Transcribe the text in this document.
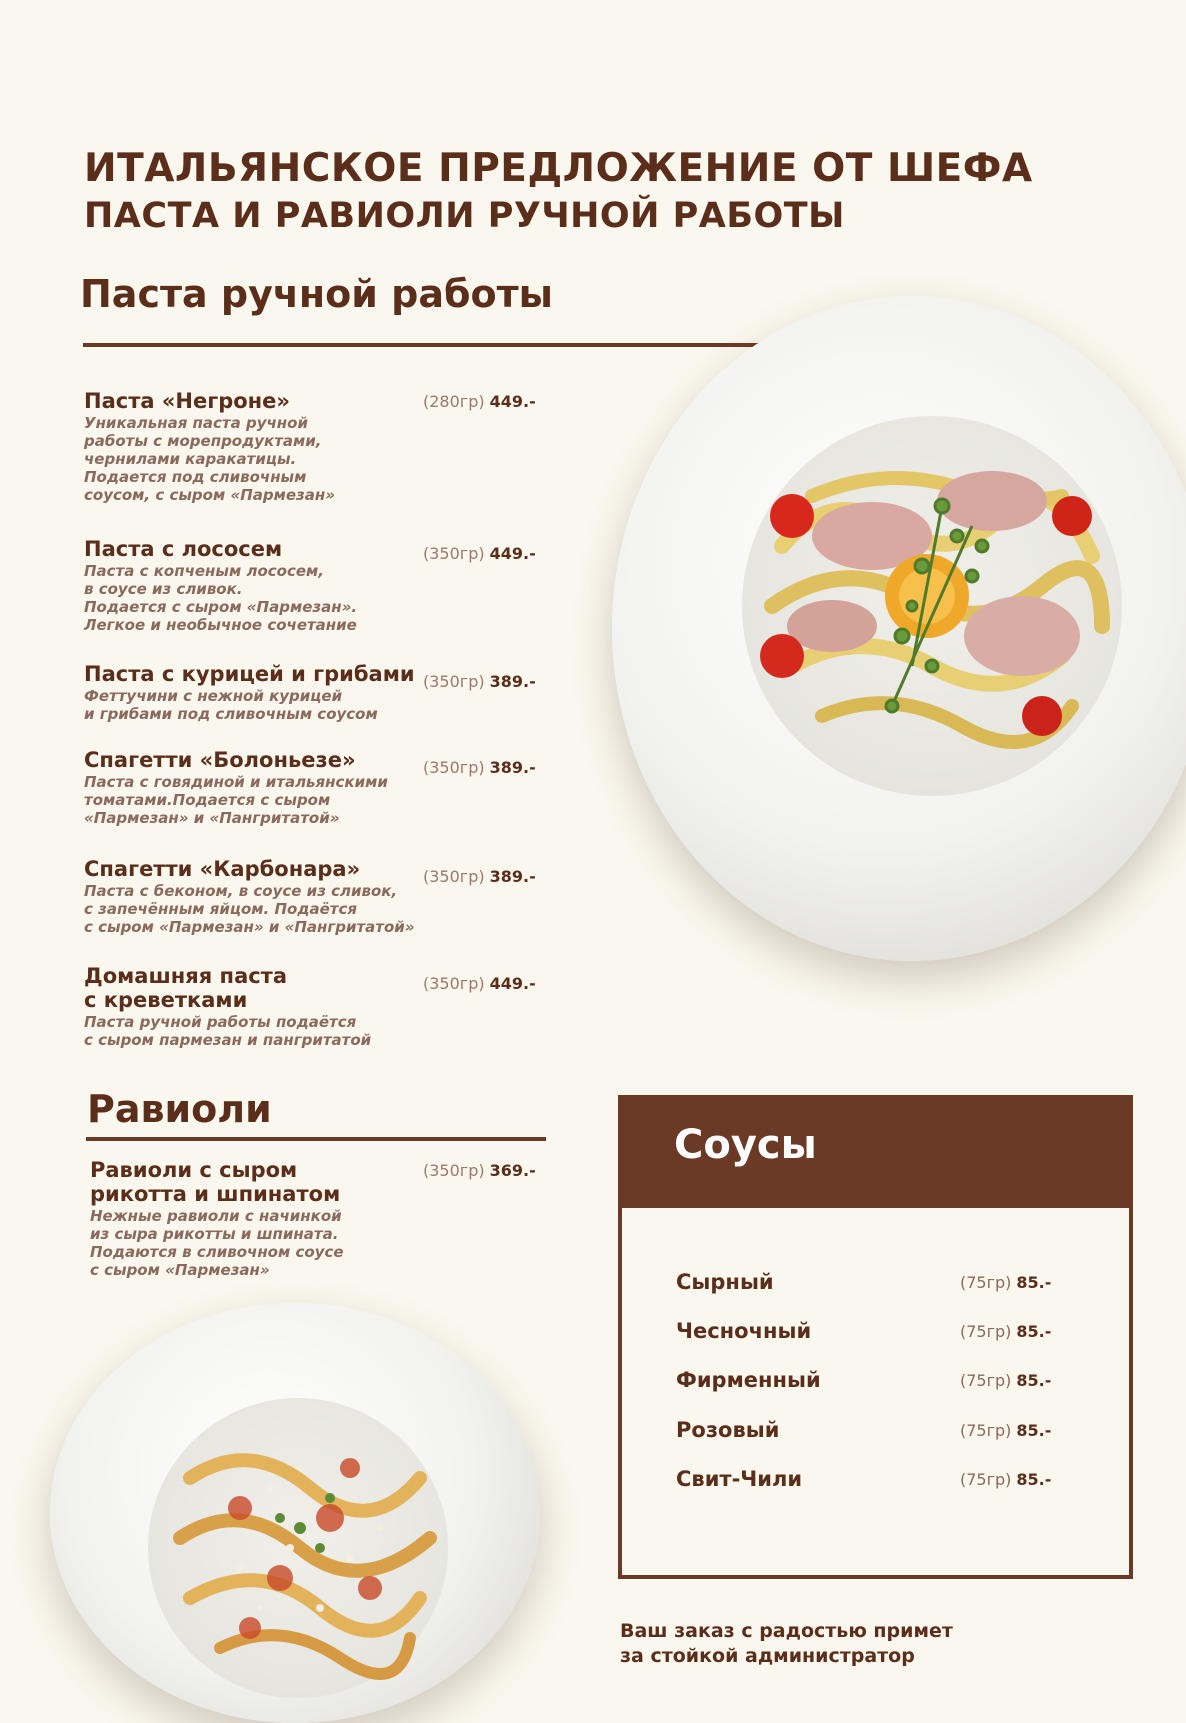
ИТАЛЬЯНСКОЕ ПРЕДЛОЖЕНИЕ ОТ ШЕФА
ПАСТА И РАВИОЛИ РУЧНОЙ РАБОТЫ
Паста ручной работы
Паста «Негроне»
Уникальная паста ручной
работы с морепродуктами,
чернилами каракатицы.
Подается под сливочным
соусом, с сыром «Пармезан»
(280гр) 449.-
Паста с лососем
Паста с копченым лососем,
в соусе из сливок.
Подается с сыром «Пармезан».
Легкое и необычное сочетание
(350гр) 449.-
Паста с курицей и грибами
Феттучини с нежной курицей
и грибами под сливочным соусом
(350гр) 389.-
Спагетти «Болоньезе»
Паста с говядиной и итальянскими
томатами.Подается с сыром
«Пармезан» и «Пангритатой»
(350гр) 389.-
Спагетти «Карбонара»
Паста с беконом, в соусе из сливок,
с запечённым яйцом. Подаётся
с сыром «Пармезан» и «Пангритатой»
(350гр) 389.-
Домашняя паста
с креветками
Паста ручной работы подаётся
с сыром пармезан и пангритатой
(350гр) 449.-
Равиоли
Равиоли с сыром
рикотта и шпинатом
Нежные равиоли с начинкой
из сыра рикотты и шпината.
Подаются в сливочном соусе
с сыром «Пармезан»
(350гр) 369.-
Соусы
Сырный	(75гр) 85.-
Чесночный	(75гр) 85.-
Фирменный	(75гр) 85.-
Розовый	(75гр) 85.-
Свит-Чили	(75гр) 85.-
Ваш заказ с радостью примет
за стойкой администратор
